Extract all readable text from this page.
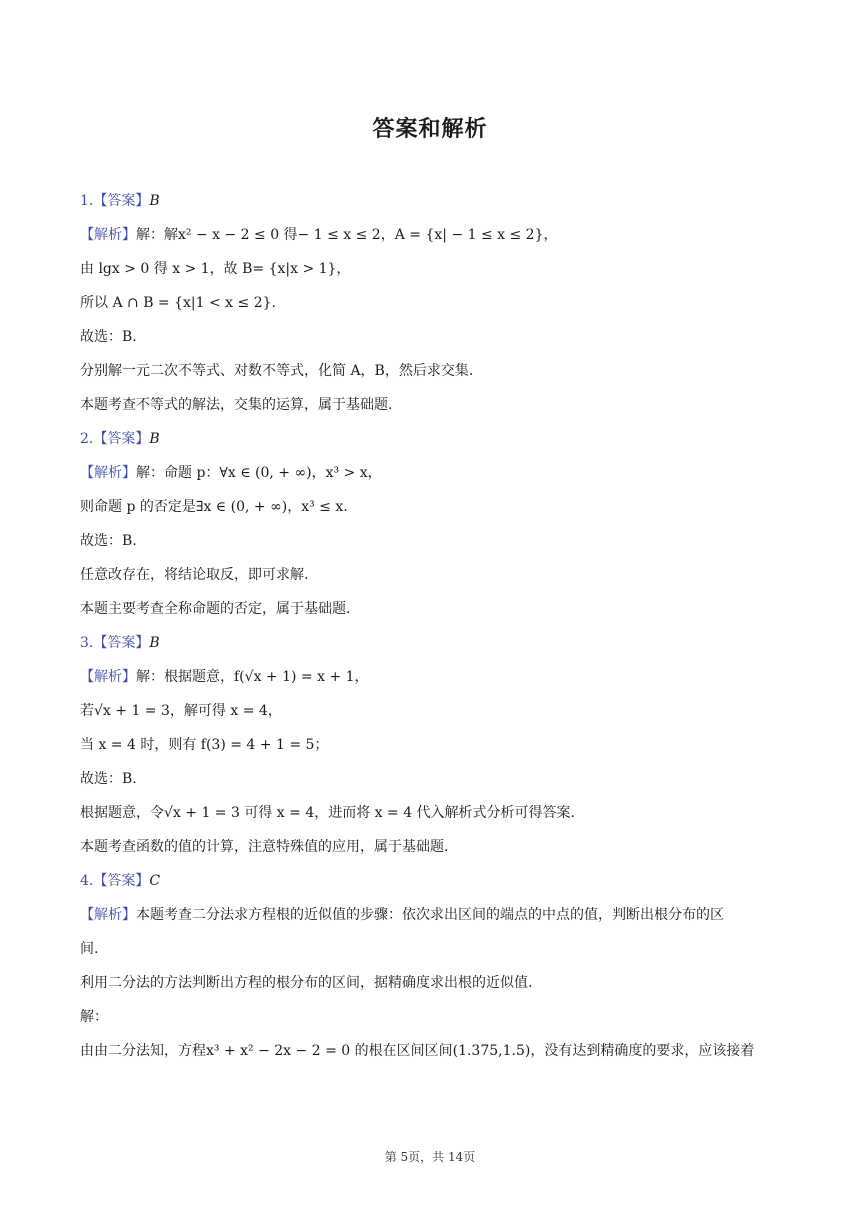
答案和解析
1.【答案】B
【解析】解：解x² − x − 2 ≤ 0 得− 1 ≤ x ≤ 2，A = {x| − 1 ≤ x ≤ 2}，
由 lgx > 0 得 x > 1，故 B= {x|x > 1}，
所以 A ∩ B = {x|1 < x ≤ 2}.
故选：B.
分别解一元二次不等式、对数不等式，化简 A，B，然后求交集.
本题考查不等式的解法，交集的运算，属于基础题.
2.【答案】B
【解析】解：命题 p：∀x ∈ (0, + ∞)，x³ > x，
则命题 p 的否定是∃x ∈ (0, + ∞)，x³ ≤ x.
故选：B.
任意改存在，将结论取反，即可求解.
本题主要考查全称命题的否定，属于基础题.
3.【答案】B
【解析】解：根据题意，f(√x + 1) = x + 1，
若√x + 1 = 3，解可得 x = 4，
当 x = 4 时，则有 f(3) = 4 + 1 = 5；
故选：B.
根据题意，令√x + 1 = 3 可得 x = 4，进而将 x = 4 代入解析式分析可得答案.
本题考查函数的值的计算，注意特殊值的应用，属于基础题.
4.【答案】C
【解析】本题考查二分法求方程根的近似值的步骤：依次求出区间的端点的中点的值，判断出根分布的区
间.
利用二分法的方法判断出方程的根分布的区间，据精确度求出根的近似值.
解：
由由二分法知，方程x³ + x² − 2x − 2 = 0 的根在区间区间(1.375,1.5)，没有达到精确度的要求，应该接着
第 5页，共 14页
